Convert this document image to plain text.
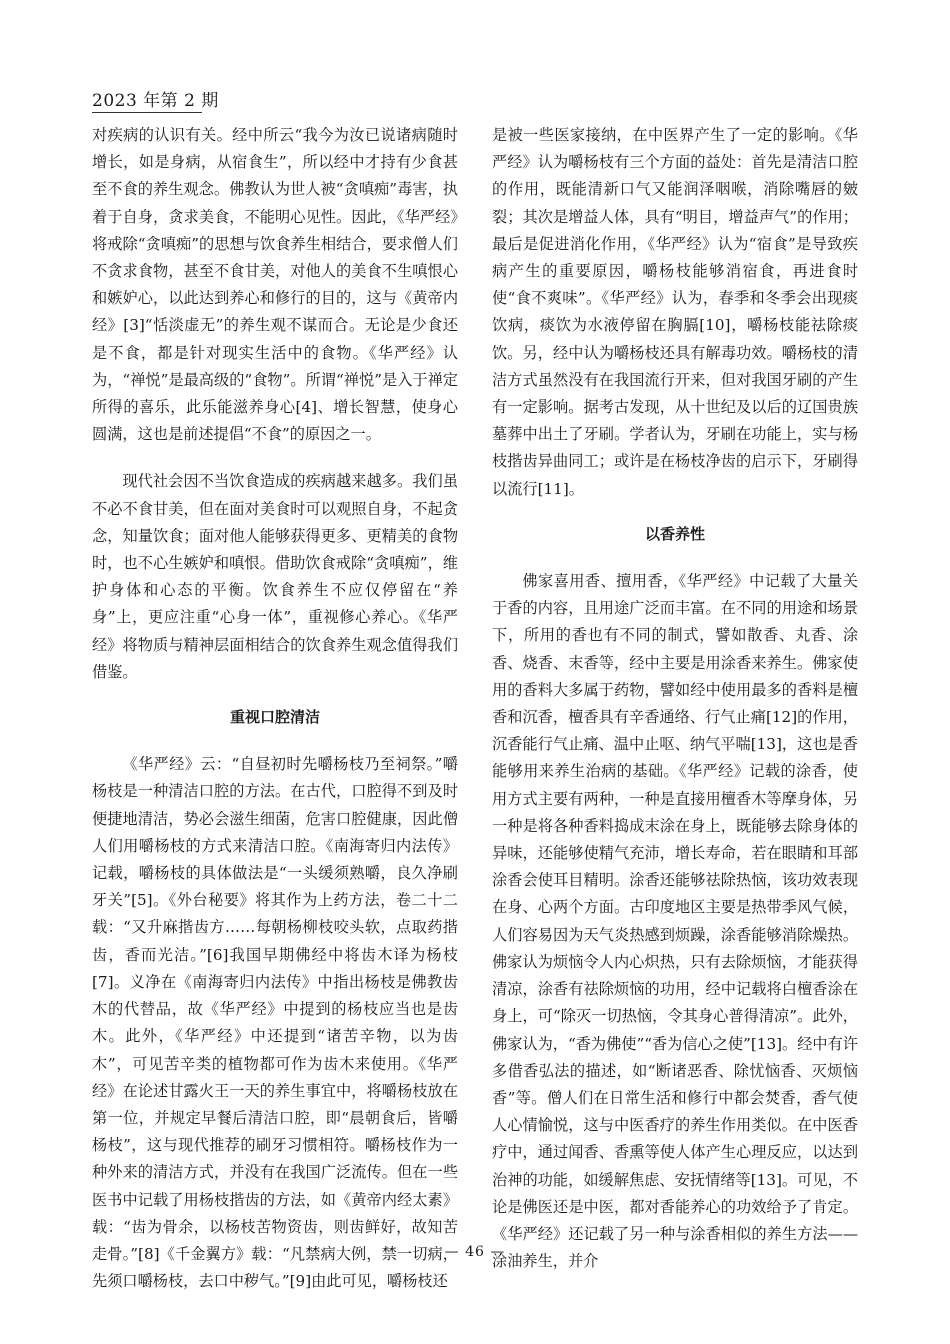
2023 年第 2 期

对疾病的认识有关。经中所云“我今为汝已说诸病随时增长，如是身病，从宿食生”，所以经中才持有少食甚至不食的养生观念。佛教认为世人被“贪嗔痴”毒害，执着于自身，贪求美食，不能明心见性。因此，《华严经》将戒除“贪嗔痴”的思想与饮食养生相结合，要求僧人们不贪求食物，甚至不食甘美，对他人的美食不生嗔恨心和嫉妒心，以此达到养心和修行的目的，这与《黄帝内经》[3]“恬淡虚无”的养生观不谋而合。无论是少食还是不食，都是针对现实生活中的食物。《华严经》认为，“禅悦”是最高级的“食物”。所谓“禅悦”是入于禅定所得的喜乐，此乐能滋养身心[4]、增长智慧，使身心圆满，这也是前述提倡“不食”的原因之一。

现代社会因不当饮食造成的疾病越来越多。我们虽不必不食甘美，但在面对美食时可以观照自身，不起贪念，知量饮食；面对他人能够获得更多、更精美的食物时，也不心生嫉妒和嗔恨。借助饮食戒除“贪嗔痴”，维护身体和心态的平衡。饮食养生不应仅停留在“养身”上，更应注重“心身一体”，重视修心养心。《华严经》将物质与精神层面相结合的饮食养生观念值得我们借鉴。

重视口腔清洁

《华严经》云：“自昼初时先嚼杨枝乃至祠祭。”嚼杨枝是一种清洁口腔的方法。在古代，口腔得不到及时便捷地清洁，势必会滋生细菌，危害口腔健康，因此僧人们用嚼杨枝的方式来清洁口腔。《南海寄归内法传》记载，嚼杨枝的具体做法是“一头缓须熟嚼，良久净刷牙关”[5]。《外台秘要》将其作为上药方法，卷二十二载：“又升麻揩齿方……每朝杨柳枝咬头软，点取药揩齿，香而光洁。”[6]我国早期佛经中将齿木译为杨枝[7]。义净在《南海寄归内法传》中指出杨枝是佛教齿木的代替品，故《华严经》中提到的杨枝应当也是齿木。此外，《华严经》中还提到“诸苦辛物，以为齿木”，可见苦辛类的植物都可作为齿木来使用。《华严经》在论述甘露火王一天的养生事宜中，将嚼杨枝放在第一位，并规定早餐后清洁口腔，即“晨朝食后，皆嚼杨枝”，这与现代推荐的刷牙习惯相符。嚼杨枝作为一种外来的清洁方式，并没有在我国广泛流传。但在一些医书中记载了用杨枝揩齿的方法，如《黄帝内经太素》载：“齿为骨余，以杨枝苦物资齿，则齿鲜好，故知苦走骨。”[8]《千金翼方》载：“凡禁病大例，禁一切病，先须口嚼杨枝，去口中秽气。”[9]由此可见，嚼杨枝还

是被一些医家接纳，在中医界产生了一定的影响。《华严经》认为嚼杨枝有三个方面的益处：首先是清洁口腔的作用，既能清新口气又能润泽咽喉，消除嘴唇的皴裂；其次是增益人体，具有“明目，增益声气”的作用；最后是促进消化作用，《华严经》认为“宿食”是导致疾病产生的重要原因，嚼杨枝能够消宿食，再进食时使“食不爽味”。《华严经》认为，春季和冬季会出现痰饮病，痰饮为水液停留在胸膈[10]，嚼杨枝能祛除痰饮。另，经中认为嚼杨枝还具有解毒功效。嚼杨枝的清洁方式虽然没有在我国流行开来，但对我国牙刷的产生有一定影响。据考古发现，从十世纪及以后的辽国贵族墓葬中出土了牙刷。学者认为，牙刷在功能上，实与杨枝揩齿异曲同工；或许是在杨枝净齿的启示下，牙刷得以流行[11]。

以香养性

佛家喜用香、擅用香，《华严经》中记载了大量关于香的内容，且用途广泛而丰富。在不同的用途和场景下，所用的香也有不同的制式，譬如散香、丸香、涂香、烧香、末香等，经中主要是用涂香来养生。佛家使用的香料大多属于药物，譬如经中使用最多的香料是檀香和沉香，檀香具有辛香通络、行气止痛[12]的作用，沉香能行气止痛、温中止呕、纳气平喘[13]，这也是香能够用来养生治病的基础。《华严经》记载的涂香，使用方式主要有两种，一种是直接用檀香木等摩身体，另一种是将各种香料捣成末涂在身上，既能够去除身体的异味，还能够使精气充沛，增长寿命，若在眼睛和耳部涂香会使耳目精明。涂香还能够祛除热恼，该功效表现在身、心两个方面。古印度地区主要是热带季风气候，人们容易因为天气炎热感到烦躁，涂香能够消除燥热。佛家认为烦恼令人内心炽热，只有去除烦恼，才能获得清凉，涂香有祛除烦恼的功用，经中记载将白檀香涂在身上，可“除灭一切热恼，令其身心普得清凉”。此外，佛家认为，“香为佛使”“香为信心之使”[13]。经中有许多借香弘法的描述，如“断诸恶香、除忧恼香、灭烦恼香”等。僧人们在日常生活和修行中都会焚香，香气使人心情愉悦，这与中医香疗的养生作用类似。在中医香疗中，通过闻香、香熏等使人体产生心理反应，以达到治神的功能，如缓解焦虑、安抚情绪等[13]。可见，不论是佛医还是中医，都对香能养心的功效给予了肯定。《华严经》还记载了另一种与涂香相似的养生方法——涂油养生，并介

— 46 —
